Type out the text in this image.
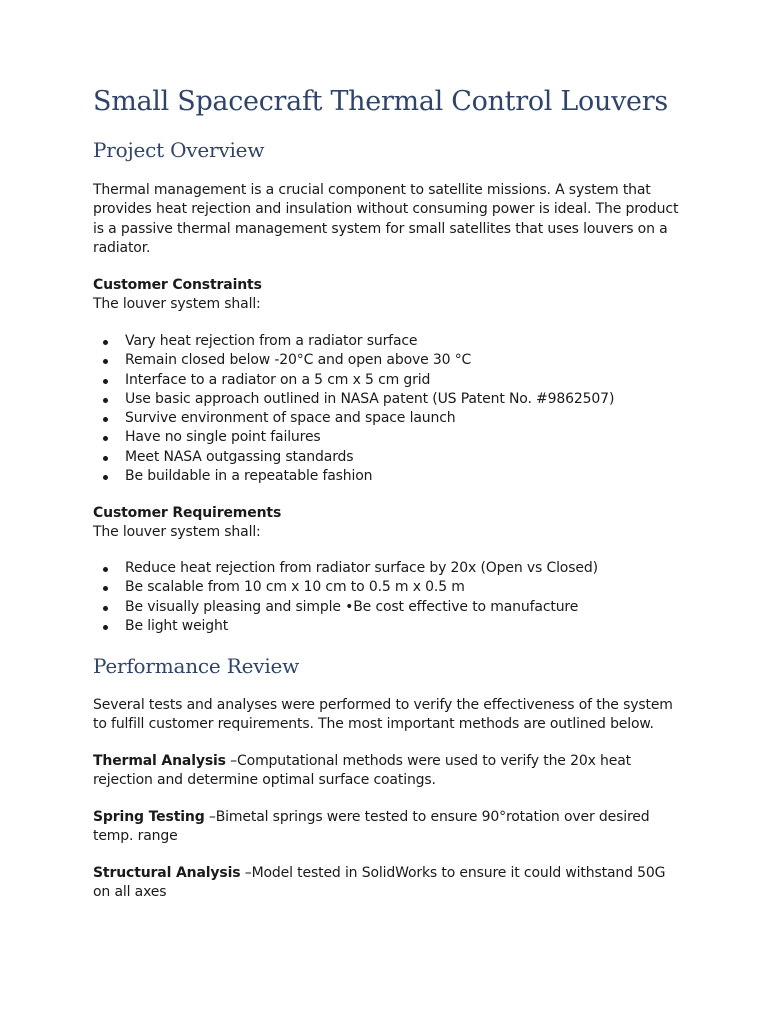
Small Spacecraft Thermal Control Louvers
Project Overview

Thermal management is a crucial component to satellite missions. A system that provides heat rejection and insulation without consuming power is ideal. The product is a passive thermal management system for small satellites that uses louvers on a radiator.

Customer Constraints
The louver system shall:

Vary heat rejection from a radiator surface
Remain closed below -20°C and open above 30 °C
Interface to a radiator on a 5 cm x 5 cm grid
Use basic approach outlined in NASA patent (US Patent No. #9862507)
Survive environment of space and space launch
Have no single point failures
Meet NASA outgassing standards
Be buildable in a repeatable fashion

Customer Requirements
The louver system shall:

Reduce heat rejection from radiator surface by 20x (Open vs Closed)
Be scalable from 10 cm x 10 cm to 0.5 m x 0.5 m
Be visually pleasing and simple •Be cost effective to manufacture
Be light weight
Performance Review

Several tests and analyses were performed to verify the effectiveness of the system to fulfill customer requirements. The most important methods are outlined below.

Thermal Analysis –Computational methods were used to verify the 20x heat rejection and determine optimal surface coatings.

Spring Testing –Bimetal springs were tested to ensure 90°rotation over desired temp. range

Structural Analysis –Model tested in SolidWorks to ensure it could withstand 50G on all axes
